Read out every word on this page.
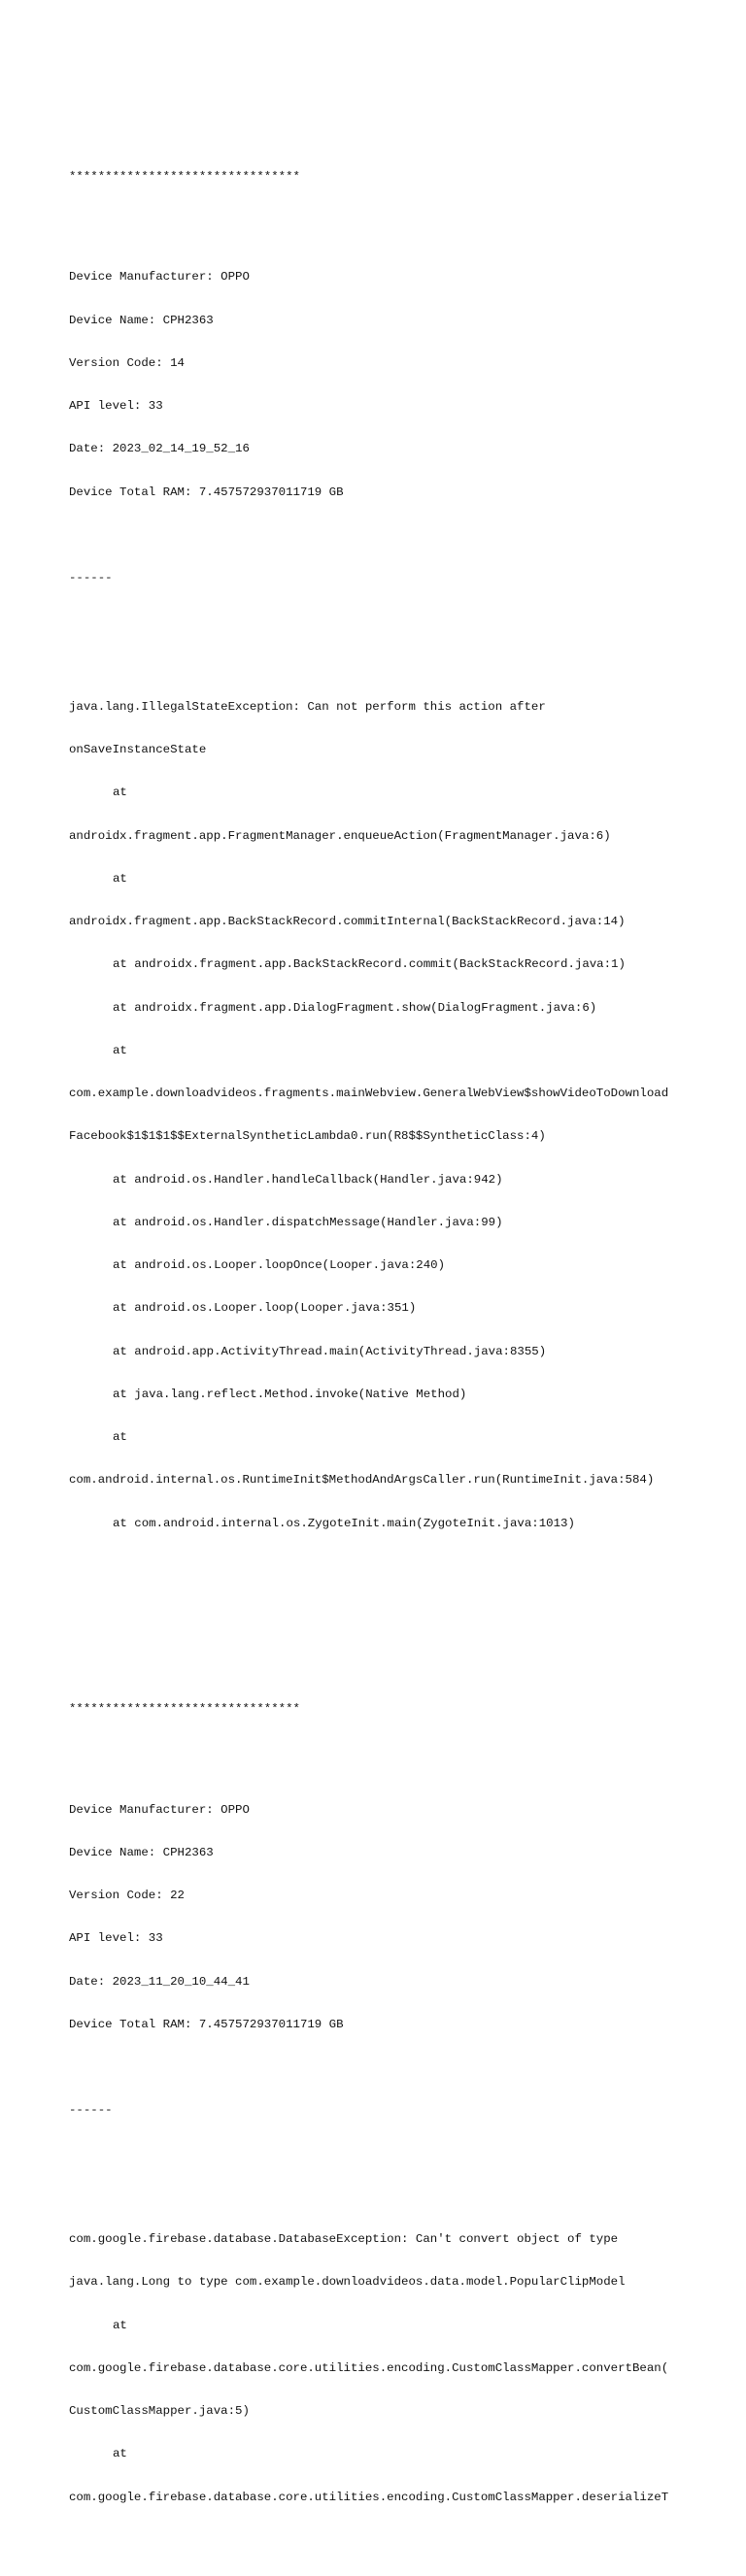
********************************

Device Manufacturer: OPPO

Device Name: CPH2363

Version Code: 14

API level: 33

Date: 2023_02_14_19_52_16

Device Total RAM: 7.457572937011719 GB

------

java.lang.IllegalStateException: Can not perform this action after

onSaveInstanceState

at

androidx.fragment.app.FragmentManager.enqueueAction(FragmentManager.java:6)

at

androidx.fragment.app.BackStackRecord.commitInternal(BackStackRecord.java:14)

at androidx.fragment.app.BackStackRecord.commit(BackStackRecord.java:1)

at androidx.fragment.app.DialogFragment.show(DialogFragment.java:6)

at

com.example.downloadvideos.fragments.mainWebview.GeneralWebView$showVideoToDownload

Facebook$1$1$1$$ExternalSyntheticLambda0.run(R8$$SyntheticClass:4)

at android.os.Handler.handleCallback(Handler.java:942)

at android.os.Handler.dispatchMessage(Handler.java:99)

at android.os.Looper.loopOnce(Looper.java:240)

at android.os.Looper.loop(Looper.java:351)

at android.app.ActivityThread.main(ActivityThread.java:8355)

at java.lang.reflect.Method.invoke(Native Method)

at

com.android.internal.os.RuntimeInit$MethodAndArgsCaller.run(RuntimeInit.java:584)

at com.android.internal.os.ZygoteInit.main(ZygoteInit.java:1013)

********************************

Device Manufacturer: OPPO

Device Name: CPH2363

Version Code: 22

API level: 33

Date: 2023_11_20_10_44_41

Device Total RAM: 7.457572937011719 GB

------

com.google.firebase.database.DatabaseException: Can't convert object of type

java.lang.Long to type com.example.downloadvideos.data.model.PopularClipModel

at

com.google.firebase.database.core.utilities.encoding.CustomClassMapper.convertBean(

CustomClassMapper.java:5)

at

com.google.firebase.database.core.utilities.encoding.CustomClassMapper.deserializeT
